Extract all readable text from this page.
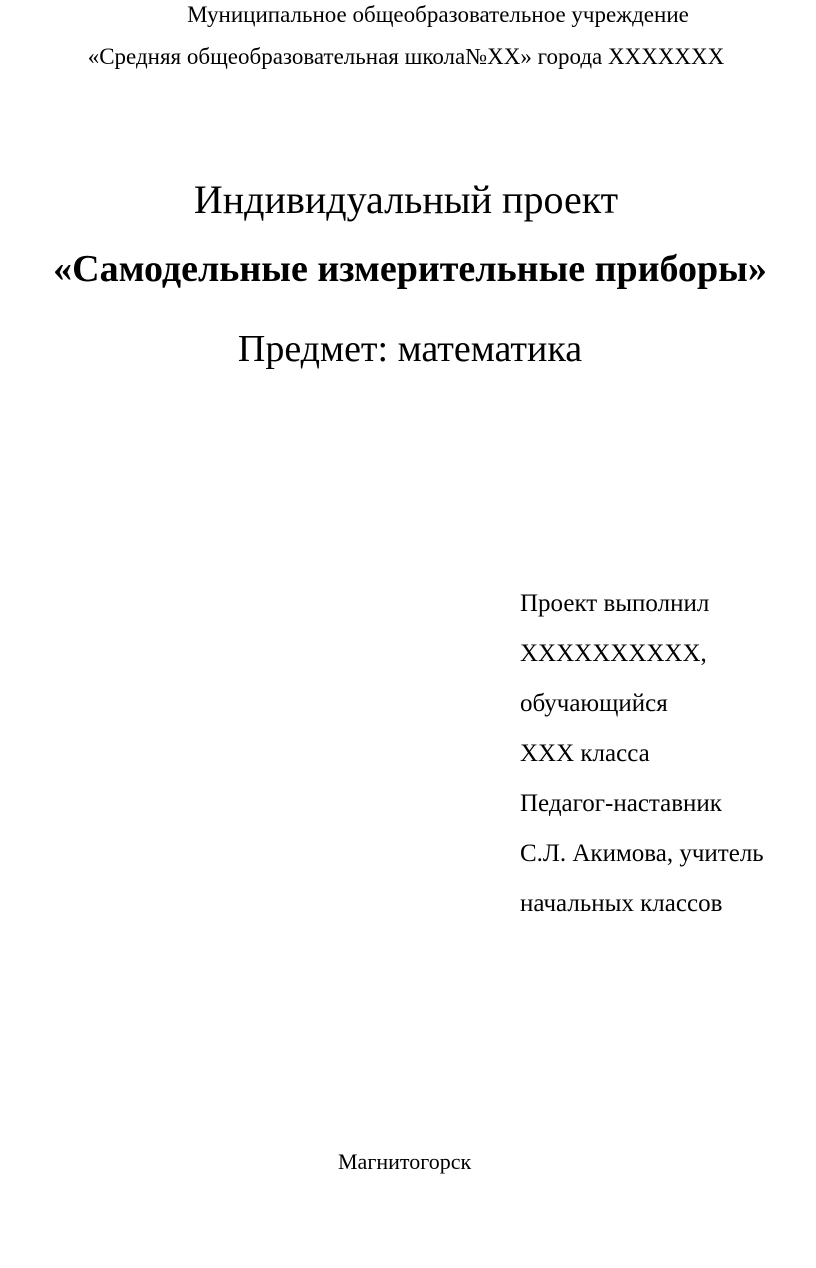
Муниципальное общеобразовательное учреждение
«Средняя общеобразовательная школа№ХХ» города ХХХХХХХ
Индивидуальный проект
«Самодельные измерительные приборы»
Предмет: математика
Проект выполнил
ХХХХХХХХХХ,
обучающийся
ХХХ класса
Педагог-наставник
С.Л. Акимова, учитель
начальных классов
Магнитогорск
